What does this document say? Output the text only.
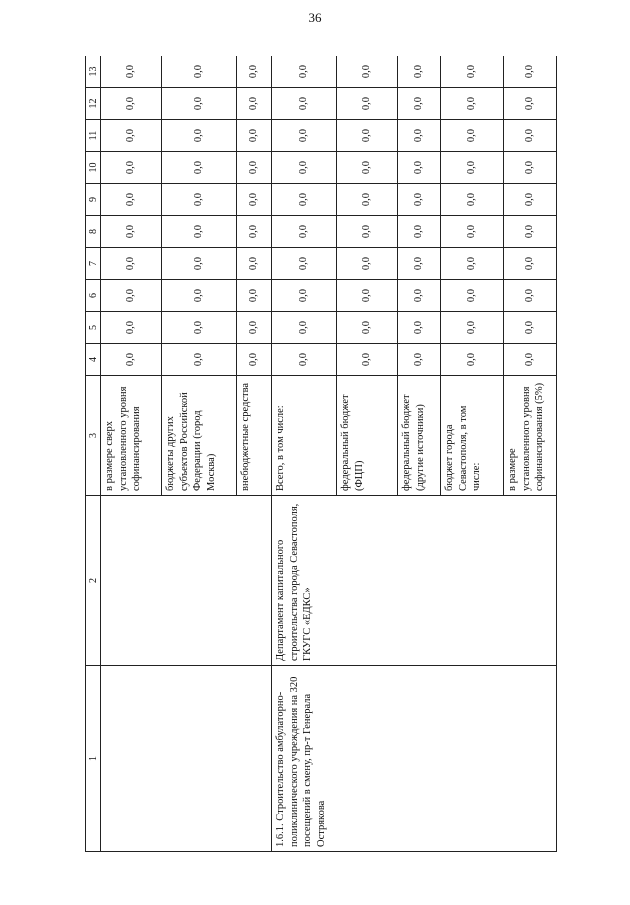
36
1	2	3	4	5	6	7	8	9	10	11	12	13
		в размере сверх установленного уровня софинансирования	0,0	0,0	0,0	0,0	0,0	0,0	0,0	0,0	0,0	0,0
		бюджеты других субъектов Российской Федерации (город Москва)	0,0	0,0	0,0	0,0	0,0	0,0	0,0	0,0	0,0	0,0
		внебюджетные средства	0,0	0,0	0,0	0,0	0,0	0,0	0,0	0,0	0,0	0,0
1.6.1. Строительство амбулаторно-поликлинического учреждения на 320 посещений в смену, пр-т Генерала Острякова	Департамент капитального строительства города Севастополя, ГКУГС «ЕДКС»	Всего, в том числе:	0,0	0,0	0,0	0,0	0,0	0,0	0,0	0,0	0,0	0,0
		федеральный бюджет (ФЦП)	0,0	0,0	0,0	0,0	0,0	0,0	0,0	0,0	0,0	0,0
		федеральный бюджет (другие источники)	0,0	0,0	0,0	0,0	0,0	0,0	0,0	0,0	0,0	0,0
		бюджет города Севастополя, в том числе:	0,0	0,0	0,0	0,0	0,0	0,0	0,0	0,0	0,0	0,0
		в размере установленного уровня софинансирования (5%)	0,0	0,0	0,0	0,0	0,0	0,0	0,0	0,0	0,0	0,0
